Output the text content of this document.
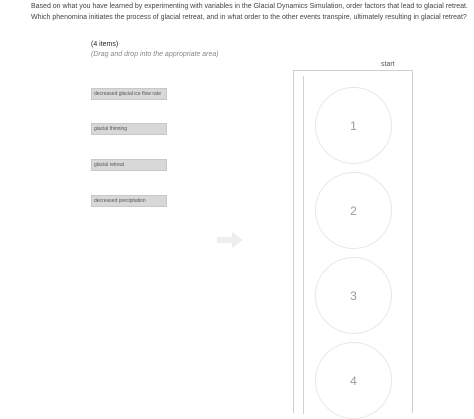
Based on what you have learned by experimenting with variables in the Glacial Dynamics Simulation, order factors that lead to glacial retreat. Which phenomina initiates the process of glacial retreat, and in what order to the other events transpire, ultimately resulting in glacial retreat?
(4 items)
(Drag and drop into the appropriate area)
decreased glacial ice flow rate
glacial thinning
glacial retreat
decreased precipitation
start
1
2
3
4
